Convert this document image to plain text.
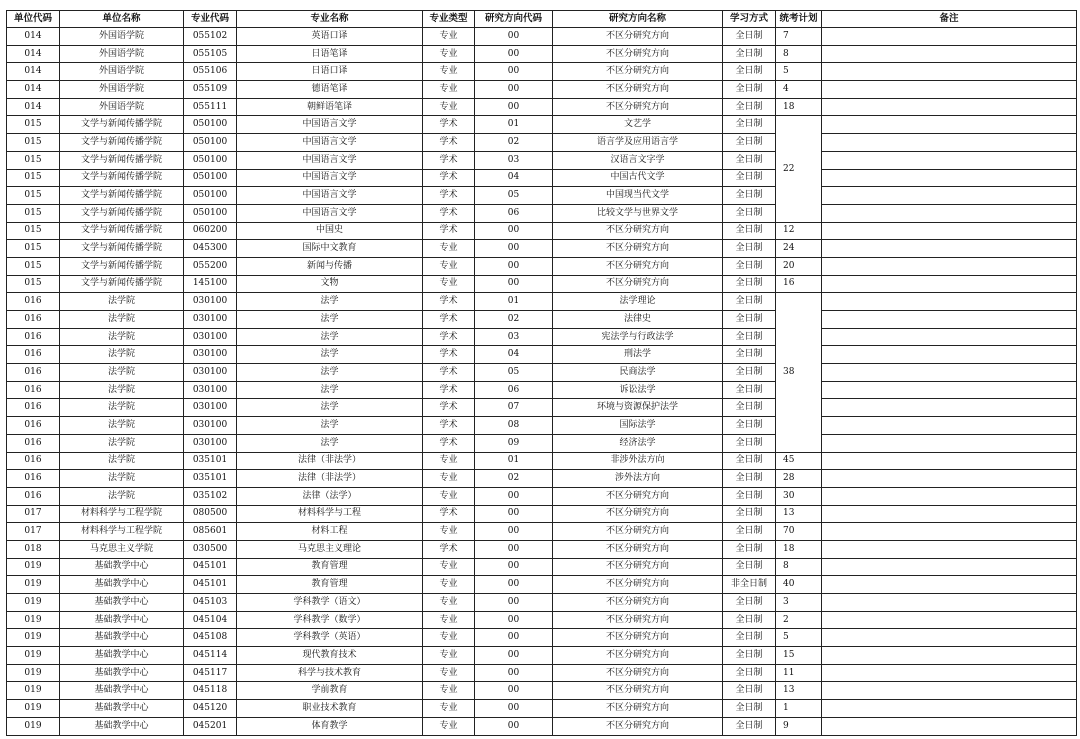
单位代码	单位名称	专业代码	专业名称	专业类型	研究方向代码	研究方向名称	学习方式	统考计划	备注
014	外国语学院	055102	英语口译	专业	00	不区分研究方向	全日制	7	
014	外国语学院	055105	日语笔译	专业	00	不区分研究方向	全日制	8	
014	外国语学院	055106	日语口译	专业	00	不区分研究方向	全日制	5	
014	外国语学院	055109	德语笔译	专业	00	不区分研究方向	全日制	4	
014	外国语学院	055111	朝鲜语笔译	专业	00	不区分研究方向	全日制	18	
015	文学与新闻传播学院	050100	中国语言文学	学术	01	文艺学	全日制	22	
015	文学与新闻传播学院	050100	中国语言文学	学术	02	语言学及应用语言学	全日制		
015	文学与新闻传播学院	050100	中国语言文学	学术	03	汉语言文字学	全日制		
015	文学与新闻传播学院	050100	中国语言文学	学术	04	中国古代文学	全日制		
015	文学与新闻传播学院	050100	中国语言文学	学术	05	中国现当代文学	全日制		
015	文学与新闻传播学院	050100	中国语言文学	学术	06	比较文学与世界文学	全日制		
015	文学与新闻传播学院	060200	中国史	学术	00	不区分研究方向	全日制	12	
015	文学与新闻传播学院	045300	国际中文教育	专业	00	不区分研究方向	全日制	24	
015	文学与新闻传播学院	055200	新闻与传播	专业	00	不区分研究方向	全日制	20	
015	文学与新闻传播学院	145100	文物	专业	00	不区分研究方向	全日制	16	
016	法学院	030100	法学	学术	01	法学理论	全日制	38	
016	法学院	030100	法学	学术	02	法律史	全日制		
016	法学院	030100	法学	学术	03	宪法学与行政法学	全日制		
016	法学院	030100	法学	学术	04	刑法学	全日制		
016	法学院	030100	法学	学术	05	民商法学	全日制		
016	法学院	030100	法学	学术	06	诉讼法学	全日制		
016	法学院	030100	法学	学术	07	环境与资源保护法学	全日制		
016	法学院	030100	法学	学术	08	国际法学	全日制		
016	法学院	030100	法学	学术	09	经济法学	全日制		
016	法学院	035101	法律（非法学）	专业	01	非涉外法方向	全日制	45	
016	法学院	035101	法律（非法学）	专业	02	涉外法方向	全日制	28	
016	法学院	035102	法律（法学）	专业	00	不区分研究方向	全日制	30	
017	材料科学与工程学院	080500	材料科学与工程	学术	00	不区分研究方向	全日制	13	
017	材料科学与工程学院	085601	材料工程	专业	00	不区分研究方向	全日制	70	
018	马克思主义学院	030500	马克思主义理论	学术	00	不区分研究方向	全日制	18	
019	基础教学中心	045101	教育管理	专业	00	不区分研究方向	全日制	8	
019	基础教学中心	045101	教育管理	专业	00	不区分研究方向	非全日制	40	
019	基础教学中心	045103	学科教学（语文）	专业	00	不区分研究方向	全日制	3	
019	基础教学中心	045104	学科教学（数学）	专业	00	不区分研究方向	全日制	2	
019	基础教学中心	045108	学科教学（英语）	专业	00	不区分研究方向	全日制	5	
019	基础教学中心	045114	现代教育技术	专业	00	不区分研究方向	全日制	15	
019	基础教学中心	045117	科学与技术教育	专业	00	不区分研究方向	全日制	11	
019	基础教学中心	045118	学前教育	专业	00	不区分研究方向	全日制	13	
019	基础教学中心	045120	职业技术教育	专业	00	不区分研究方向	全日制	1	
019	基础教学中心	045201	体育教学	专业	00	不区分研究方向	全日制	9	
